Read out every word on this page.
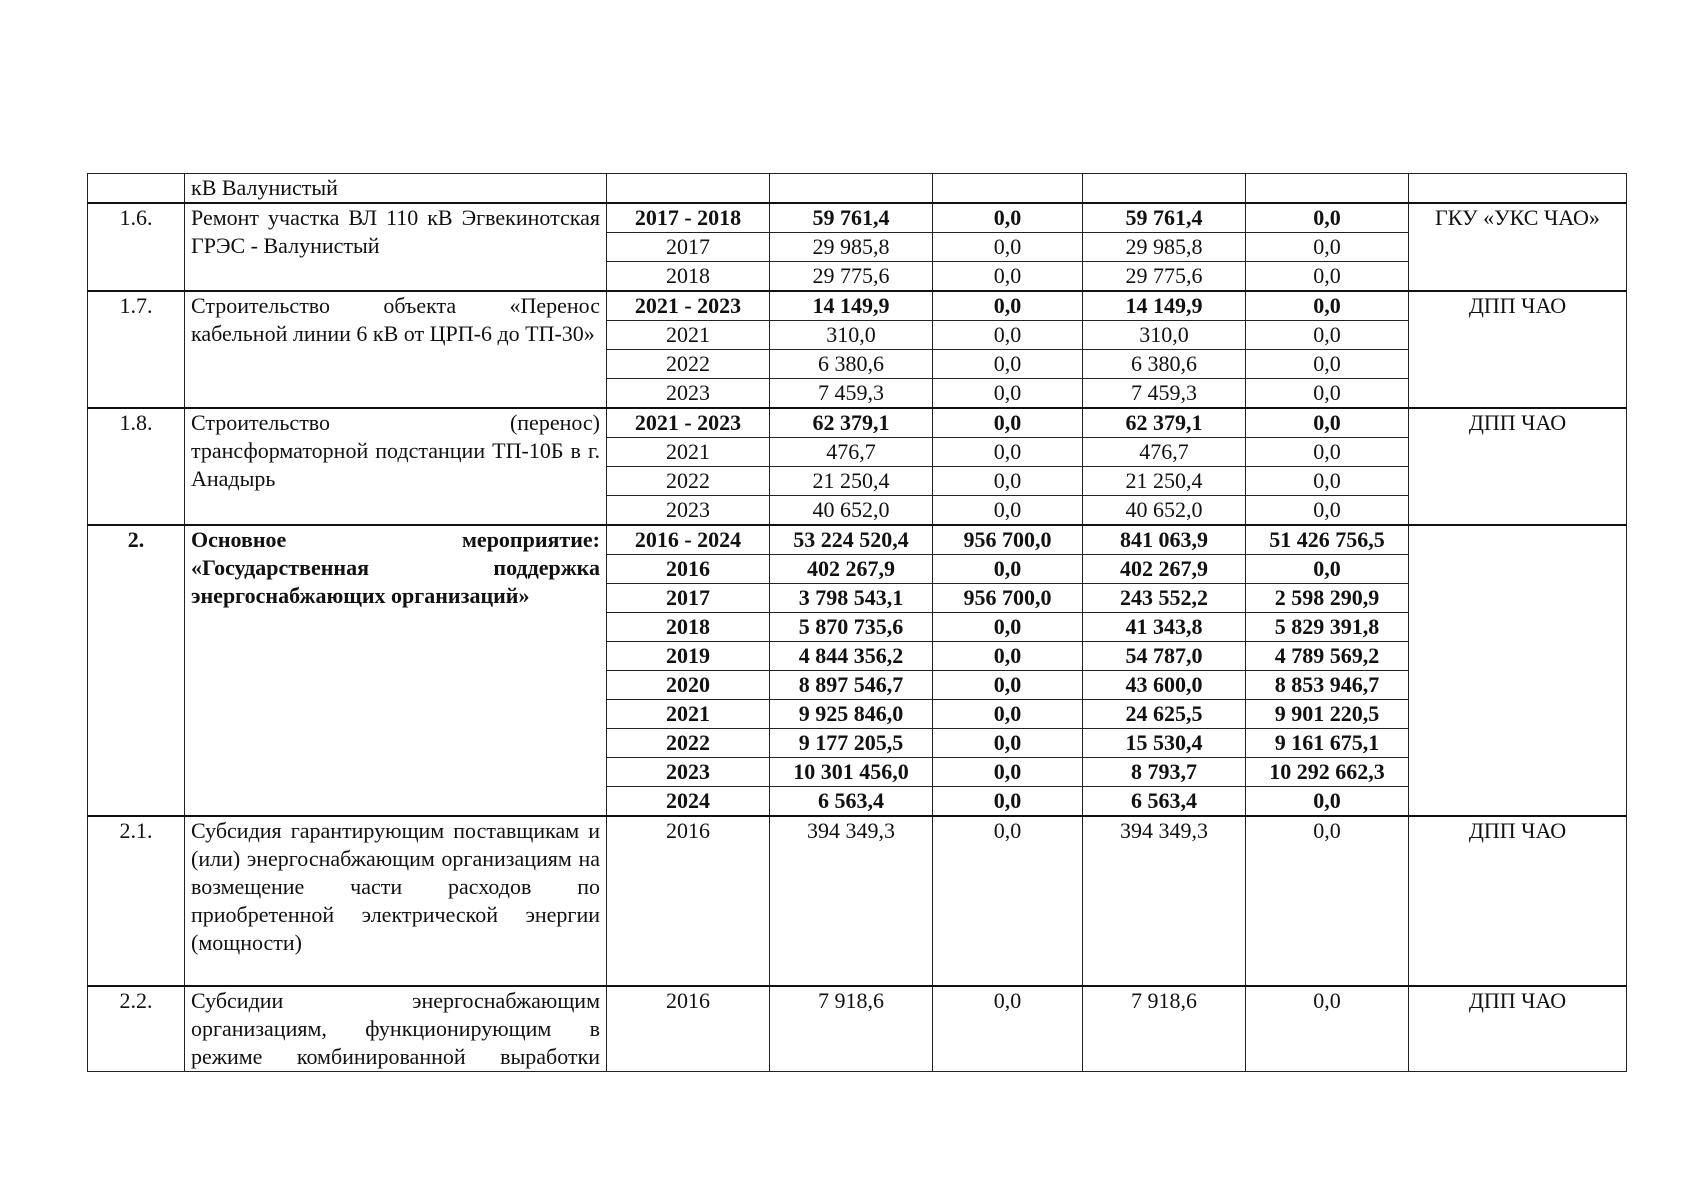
	кВ Валунистый						
1.6.	Ремонт участка ВЛ 110 кВ Эгвекинотская ГРЭС - Валунистый	2017 - 2018	59 761,4	0,0	59 761,4	0,0	ГКУ «УКС ЧАО»
		2017	29 985,8	0,0	29 985,8	0,0	
		2018	29 775,6	0,0	29 775,6	0,0	
1.7.	Строительство объекта «Перенос кабельной линии 6 кВ от ЦРП-6 до ТП-30»	2021 - 2023	14 149,9	0,0	14 149,9	0,0	ДПП ЧАО
		2021	310,0	0,0	310,0	0,0	
		2022	6 380,6	0,0	6 380,6	0,0	
		2023	7 459,3	0,0	7 459,3	0,0	
1.8.	Строительство (перенос) трансформаторной подстанции ТП-10Б в г. Анадырь	2021 - 2023	62 379,1	0,0	62 379,1	0,0	ДПП ЧАО
		2021	476,7	0,0	476,7	0,0	
		2022	21 250,4	0,0	21 250,4	0,0	
		2023	40 652,0	0,0	40 652,0	0,0	
2.	Основное мероприятие: «Государственная поддержка энергоснабжающих организаций»	2016 - 2024	53 224 520,4	956 700,0	841 063,9	51 426 756,5	
		2016	402 267,9	0,0	402 267,9	0,0	
		2017	3 798 543,1	956 700,0	243 552,2	2 598 290,9	
		2018	5 870 735,6	0,0	41 343,8	5 829 391,8	
		2019	4 844 356,2	0,0	54 787,0	4 789 569,2	
		2020	8 897 546,7	0,0	43 600,0	8 853 946,7	
		2021	9 925 846,0	0,0	24 625,5	9 901 220,5	
		2022	9 177 205,5	0,0	15 530,4	9 161 675,1	
		2023	10 301 456,0	0,0	8 793,7	10 292 662,3	
		2024	6 563,4	0,0	6 563,4	0,0	
2.1.	Субсидия гарантирующим поставщикам и (или) энергоснабжающим организациям на возмещение части расходов по приобретенной электрической энергии (мощности)	2016	394 349,3	0,0	394 349,3	0,0	ДПП ЧАО
2.2.	Субсидии энергоснабжающим организациям, функционирующим в режиме комбинированной выработки	2016	7 918,6	0,0	7 918,6	0,0	ДПП ЧАО
